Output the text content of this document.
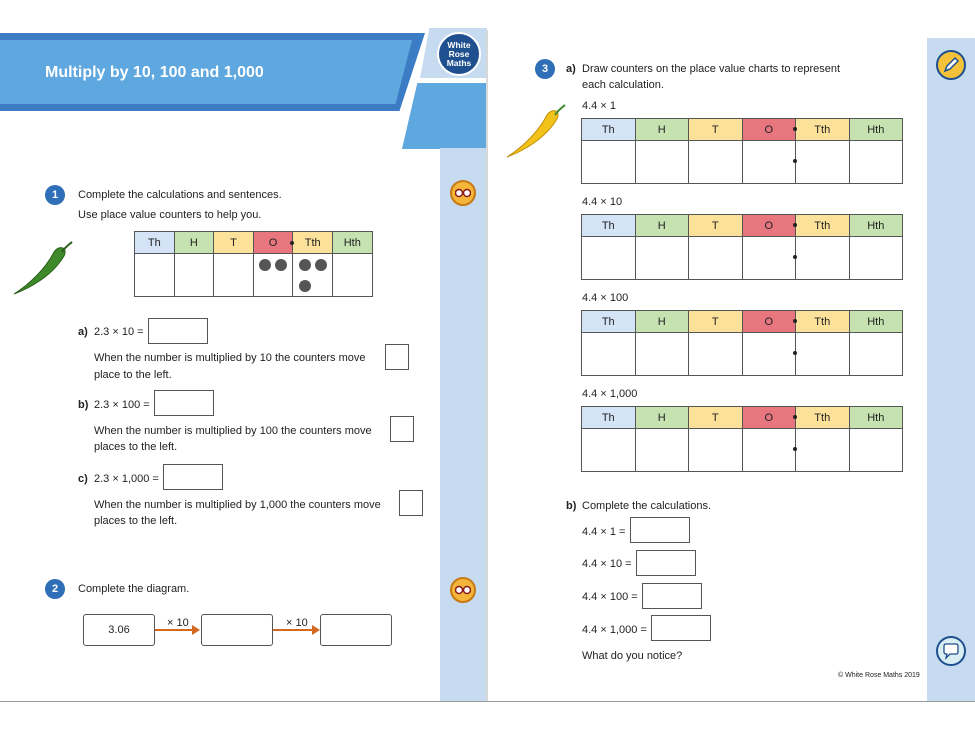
Multiply by 10, 100 and 1,000
White
Rose
Maths
1	Complete the calculations and sentences.
Use place value counters to help you.
Th	H	T	O	Tth	Hth

a) 2.3 × 10 =
When the number is multiplied by 10 the counters move
place to the left.
b) 2.3 × 100 =
When the number is multiplied by 100 the counters move
places to the left.
c) 2.3 × 1,000 =
When the number is multiplied by 1,000 the counters move
places to the left.
2	Complete the diagram.
3.06
× 10	× 10
3	a) Draw counters on the place value charts to represent
each calculation.
4.4 × 1
Th	H	T	O	Tth	Hth

4.4 × 10
Th	H	T	O	Tth	Hth

4.4 × 100
Th	H	T	O	Tth	Hth

4.4 × 1,000
Th	H	T	O	Tth	Hth

b) Complete the calculations.
4.4 × 1 =
4.4 × 10 =
4.4 × 100 =
4.4 × 1,000 =
What do you notice?
© White Rose Maths 2019
